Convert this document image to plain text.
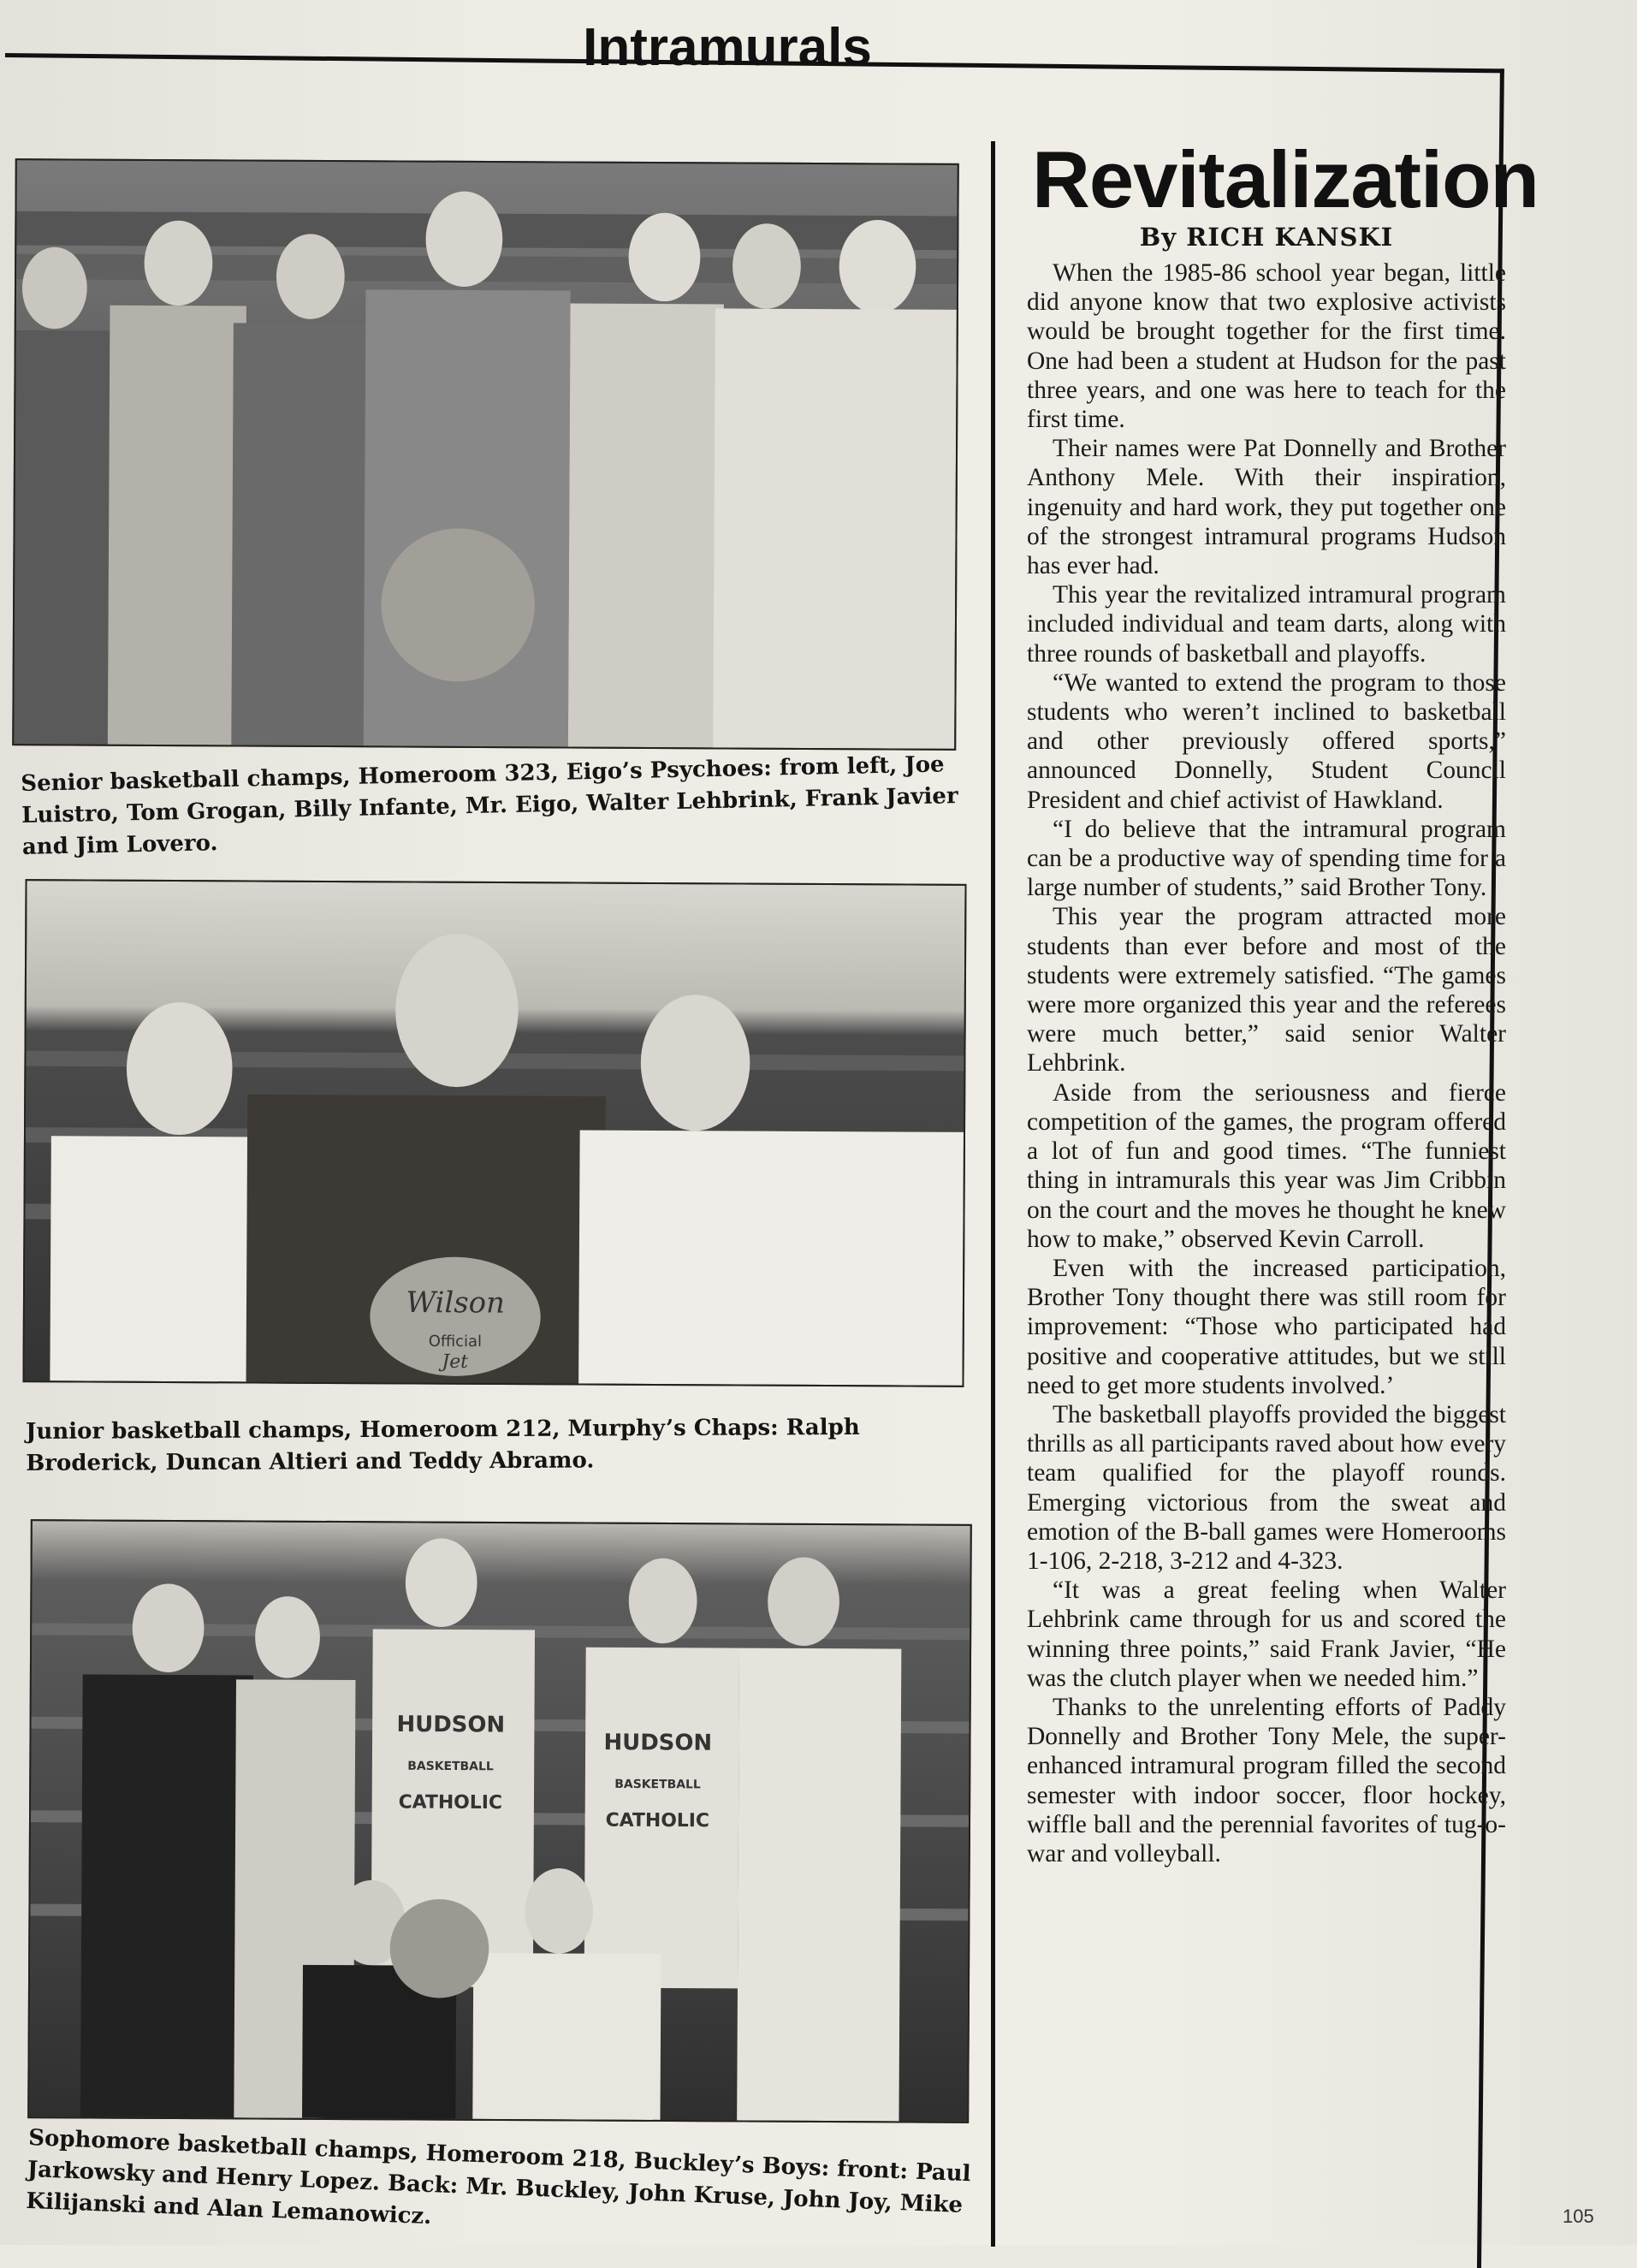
Intramurals
Senior basketball champs, Homeroom 323, Eigo’s Psychoes: from left, Joe Luistro, Tom Grogan, Billy Infante, Mr. Eigo, Walter Lehbrink, Frank Javier and Jim Lovero.
Wilson
Official
Jet
Junior basketball champs, Homeroom 212, Murphy’s Chaps: Ralph Broderick, Duncan Altieri and Teddy Abramo.
HUDSON
BASKETBALL
CATHOLIC
HUDSON
BASKETBALL
CATHOLIC
Sophomore basketball champs, Homeroom 218, Buckley’s Boys: front: Paul Jarkowsky and Henry Lopez. Back: Mr. Buckley, John Kruse, John Joy, Mike Kilijanski and Alan Lemanowicz.
Revitalization
By RICH KANSKI

When the 1985-86 school year began, little did anyone know that two explosive activists would be brought together for the first time. One had been a student at Hudson for the past three years, and one was here to teach for the first time.

Their names were Pat Donnelly and Brother Anthony Mele. With their inspiration, ingenuity and hard work, they put together one of the strongest intramural programs Hudson has ever had.

This year the revitalized intramural program included individual and team darts, along with three rounds of basketball and playoffs.

“We wanted to extend the program to those students who weren’t inclined to basketball and other previously offered sports,” announced Donnelly, Student Council President and chief activist of Hawkland.

“I do believe that the intramural program can be a productive way of spending time for a large number of students,” said Brother Tony.

This year the program attracted more students than ever before and most of the students were extremely satisfied. “The games were more organized this year and the referees were much better,” said senior Walter Lehbrink.

Aside from the seriousness and fierce competition of the games, the program offered a lot of fun and good times. “The funniest thing in intramurals this year was Jim Cribbin on the court and the moves he thought he knew how to make,” observed Kevin Carroll.

Even with the increased participation, Brother Tony thought there was still room for improvement: “Those who participated had positive and cooperative attitudes, but we still need to get more students involved.’

The basketball playoffs provided the biggest thrills as all participants raved about how every team qualified for the playoff rounds. Emerging victorious from the sweat and emotion of the B-ball games were Homerooms 1-106, 2-218, 3-212 and 4-323.

“It was a great feeling when Walter Lehbrink came through for us and scored the winning three points,” said Frank Javier, “He was the clutch player when we needed him.”

Thanks to the unrelenting efforts of Paddy Donnelly and Brother Tony Mele, the super-enhanced intramural program filled the second semester with indoor soccer, floor hockey, wiffle ball and the perennial favorites of tug-o-war and volleyball.

105
